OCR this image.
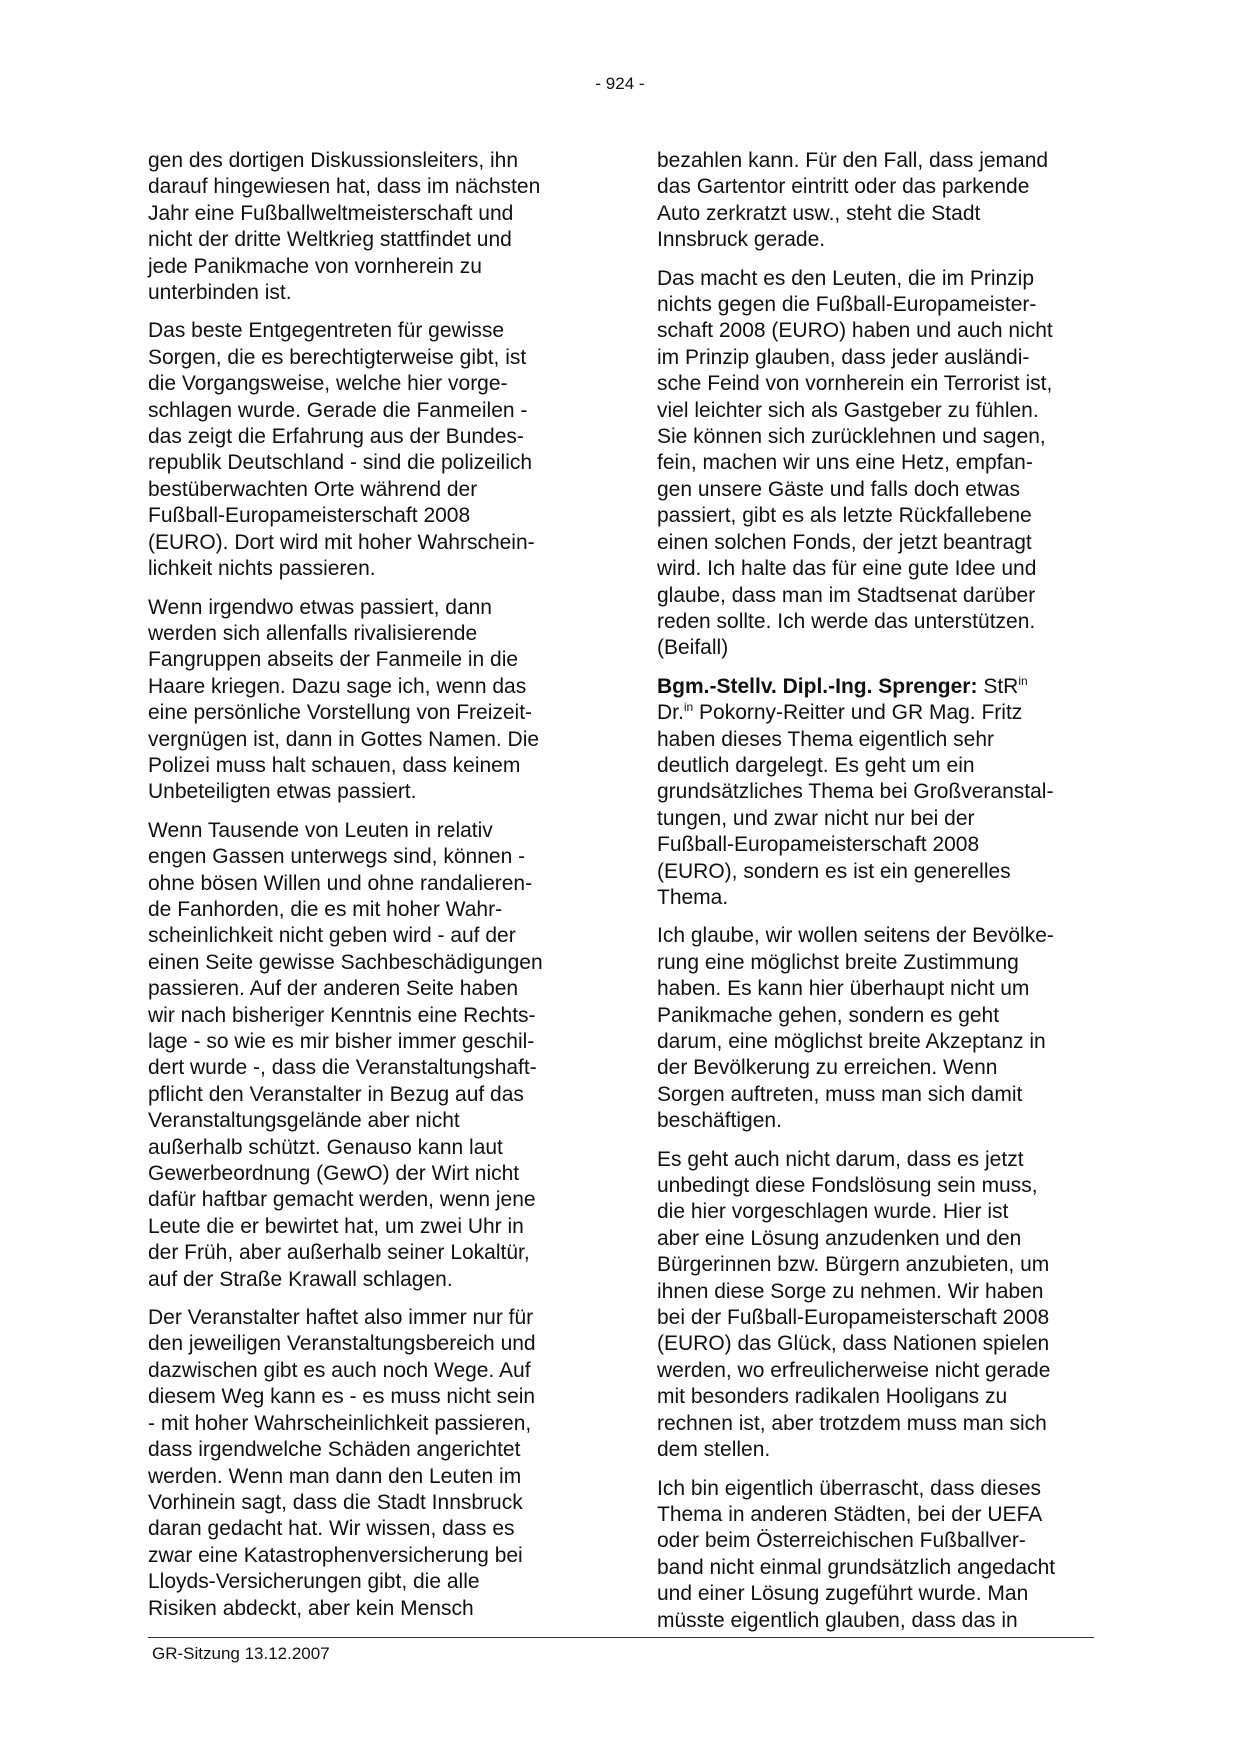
- 924 -

gen des dortigen Diskussionsleiters, ihn
darauf hingewiesen hat, dass im nächsten
Jahr eine Fußballweltmeisterschaft und
nicht der dritte Weltkrieg stattfindet und
jede Panikmache von vornherein zu
unterbinden ist.

Das beste Entgegentreten für gewisse
Sorgen, die es berechtigterweise gibt, ist
die Vorgangsweise, welche hier vorge-
schlagen wurde. Gerade die Fanmeilen -
das zeigt die Erfahrung aus der Bundes-
republik Deutschland - sind die polizeilich
bestüberwachten Orte während der
Fußball-Europameisterschaft 2008
(EURO). Dort wird mit hoher Wahrschein-
lichkeit nichts passieren.

Wenn irgendwo etwas passiert, dann
werden sich allenfalls rivalisierende
Fangruppen abseits der Fanmeile in die
Haare kriegen. Dazu sage ich, wenn das
eine persönliche Vorstellung von Freizeit-
vergnügen ist, dann in Gottes Namen. Die
Polizei muss halt schauen, dass keinem
Unbeteiligten etwas passiert.

Wenn Tausende von Leuten in relativ
engen Gassen unterwegs sind, können -
ohne bösen Willen und ohne randalieren-
de Fanhorden, die es mit hoher Wahr-
scheinlichkeit nicht geben wird - auf der
einen Seite gewisse Sachbeschädigungen
passieren. Auf der anderen Seite haben
wir nach bisheriger Kenntnis eine Rechts-
lage - so wie es mir bisher immer geschil-
dert wurde -, dass die Veranstaltungshaft-
pflicht den Veranstalter in Bezug auf das
Veranstaltungsgelände aber nicht
außerhalb schützt. Genauso kann laut
Gewerbeordnung (GewO) der Wirt nicht
dafür haftbar gemacht werden, wenn jene
Leute die er bewirtet hat, um zwei Uhr in
der Früh, aber außerhalb seiner Lokaltür,
auf der Straße Krawall schlagen.

Der Veranstalter haftet also immer nur für
den jeweiligen Veranstaltungsbereich und
dazwischen gibt es auch noch Wege. Auf
diesem Weg kann es - es muss nicht sein
- mit hoher Wahrscheinlichkeit passieren,
dass irgendwelche Schäden angerichtet
werden. Wenn man dann den Leuten im
Vorhinein sagt, dass die Stadt Innsbruck
daran gedacht hat. Wir wissen, dass es
zwar eine Katastrophenversicherung bei
Lloyds-Versicherungen gibt, die alle
Risiken abdeckt, aber kein Mensch

bezahlen kann. Für den Fall, dass jemand
das Gartentor eintritt oder das parkende
Auto zerkratzt usw., steht die Stadt
Innsbruck gerade.

Das macht es den Leuten, die im Prinzip
nichts gegen die Fußball-Europameister-
schaft 2008 (EURO) haben und auch nicht
im Prinzip glauben, dass jeder ausländi-
sche Feind von vornherein ein Terrorist ist,
viel leichter sich als Gastgeber zu fühlen.
Sie können sich zurücklehnen und sagen,
fein, machen wir uns eine Hetz, empfan-
gen unsere Gäste und falls doch etwas
passiert, gibt es als letzte Rückfallebene
einen solchen Fonds, der jetzt beantragt
wird. Ich halte das für eine gute Idee und
glaube, dass man im Stadtsenat darüber
reden sollte. Ich werde das unterstützen.
(Beifall)

Bgm.-Stellv. Dipl.-Ing. Sprenger: StR$^{in}$
Dr.$^{in}$ Pokorny-Reitter und GR Mag. Fritz
haben dieses Thema eigentlich sehr
deutlich dargelegt. Es geht um ein
grundsätzliches Thema bei Großveranstal-
tungen, und zwar nicht nur bei der
Fußball-Europameisterschaft 2008
(EURO), sondern es ist ein generelles
Thema.

Ich glaube, wir wollen seitens der Bevölke-
rung eine möglichst breite Zustimmung
haben. Es kann hier überhaupt nicht um
Panikmache gehen, sondern es geht
darum, eine möglichst breite Akzeptanz in
der Bevölkerung zu erreichen. Wenn
Sorgen auftreten, muss man sich damit
beschäftigen.

Es geht auch nicht darum, dass es jetzt
unbedingt diese Fondslösung sein muss,
die hier vorgeschlagen wurde. Hier ist
aber eine Lösung anzudenken und den
Bürgerinnen bzw. Bürgern anzubieten, um
ihnen diese Sorge zu nehmen. Wir haben
bei der Fußball-Europameisterschaft 2008
(EURO) das Glück, dass Nationen spielen
werden, wo erfreulicherweise nicht gerade
mit besonders radikalen Hooligans zu
rechnen ist, aber trotzdem muss man sich
dem stellen.

Ich bin eigentlich überrascht, dass dieses
Thema in anderen Städten, bei der UEFA
oder beim Österreichischen Fußballver-
band nicht einmal grundsätzlich angedacht
und einer Lösung zugeführt wurde. Man
müsste eigentlich glauben, dass das in

GR-Sitzung 13.12.2007
